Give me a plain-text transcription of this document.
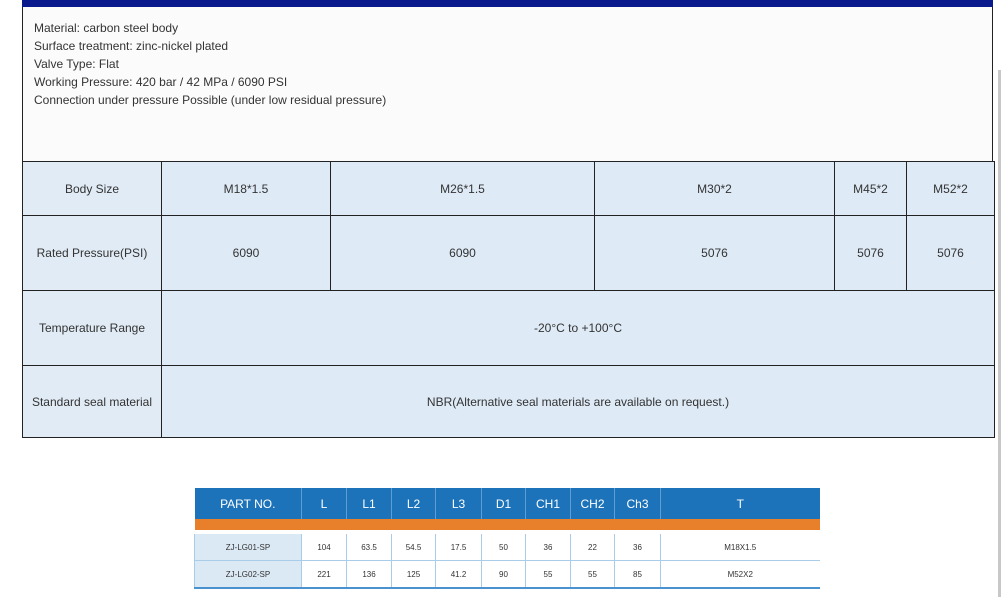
Material: carbon steel body
Surface treatment: zinc-nickel plated
Valve Type: Flat
Working Pressure: 420 bar / 42 MPa / 6090 PSI
Connection under pressure Possible (under low residual pressure)
Body Size	M18*1.5	M26*1.5	M30*2	M45*2	M52*2
Rated Pressure(PSI)	6090	6090	5076	5076	5076
Temperature Range	-20°C to +100°C				
Standard seal material	NBR(Alternative seal materials are available on request.)				
PART NO.	L	L1	L2	L3	D1	CH1	CH2	Ch3	T

ZJ-LG01-SP	104	63.5	54.5	17.5	50	36	22	36	M18X1.5
ZJ-LG02-SP	221	136	125	41.2	90	55	55	85	M52X2
